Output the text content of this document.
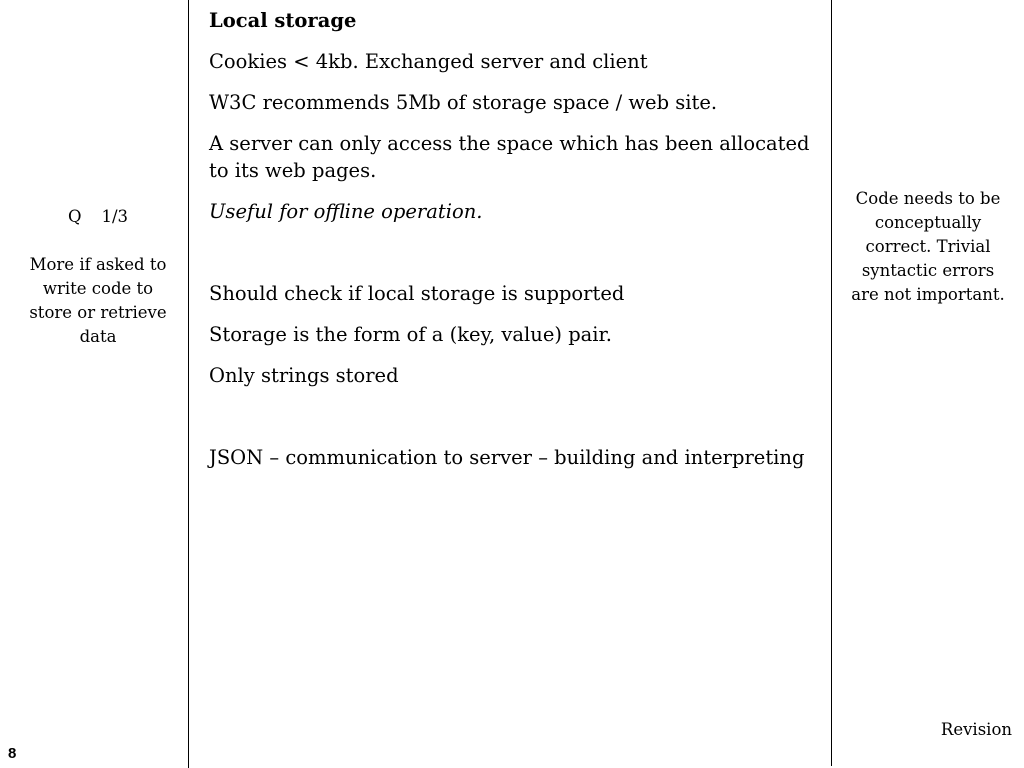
Q 1/3
More if asked to write code to store or retrieve data

Local storage

Cookies < 4kb. Exchanged server and client

W3C recommends 5Mb of storage space / web site.

A server can only access the space which has been allocated to its web pages.

Useful for offline operation.

Should check if local storage is supported

Storage is the form of a (key, value) pair.

Only strings stored

JSON – communication to server – building and interpreting

Code needs to be conceptually correct. Trivial syntactic errors are not important.
Revision
8
